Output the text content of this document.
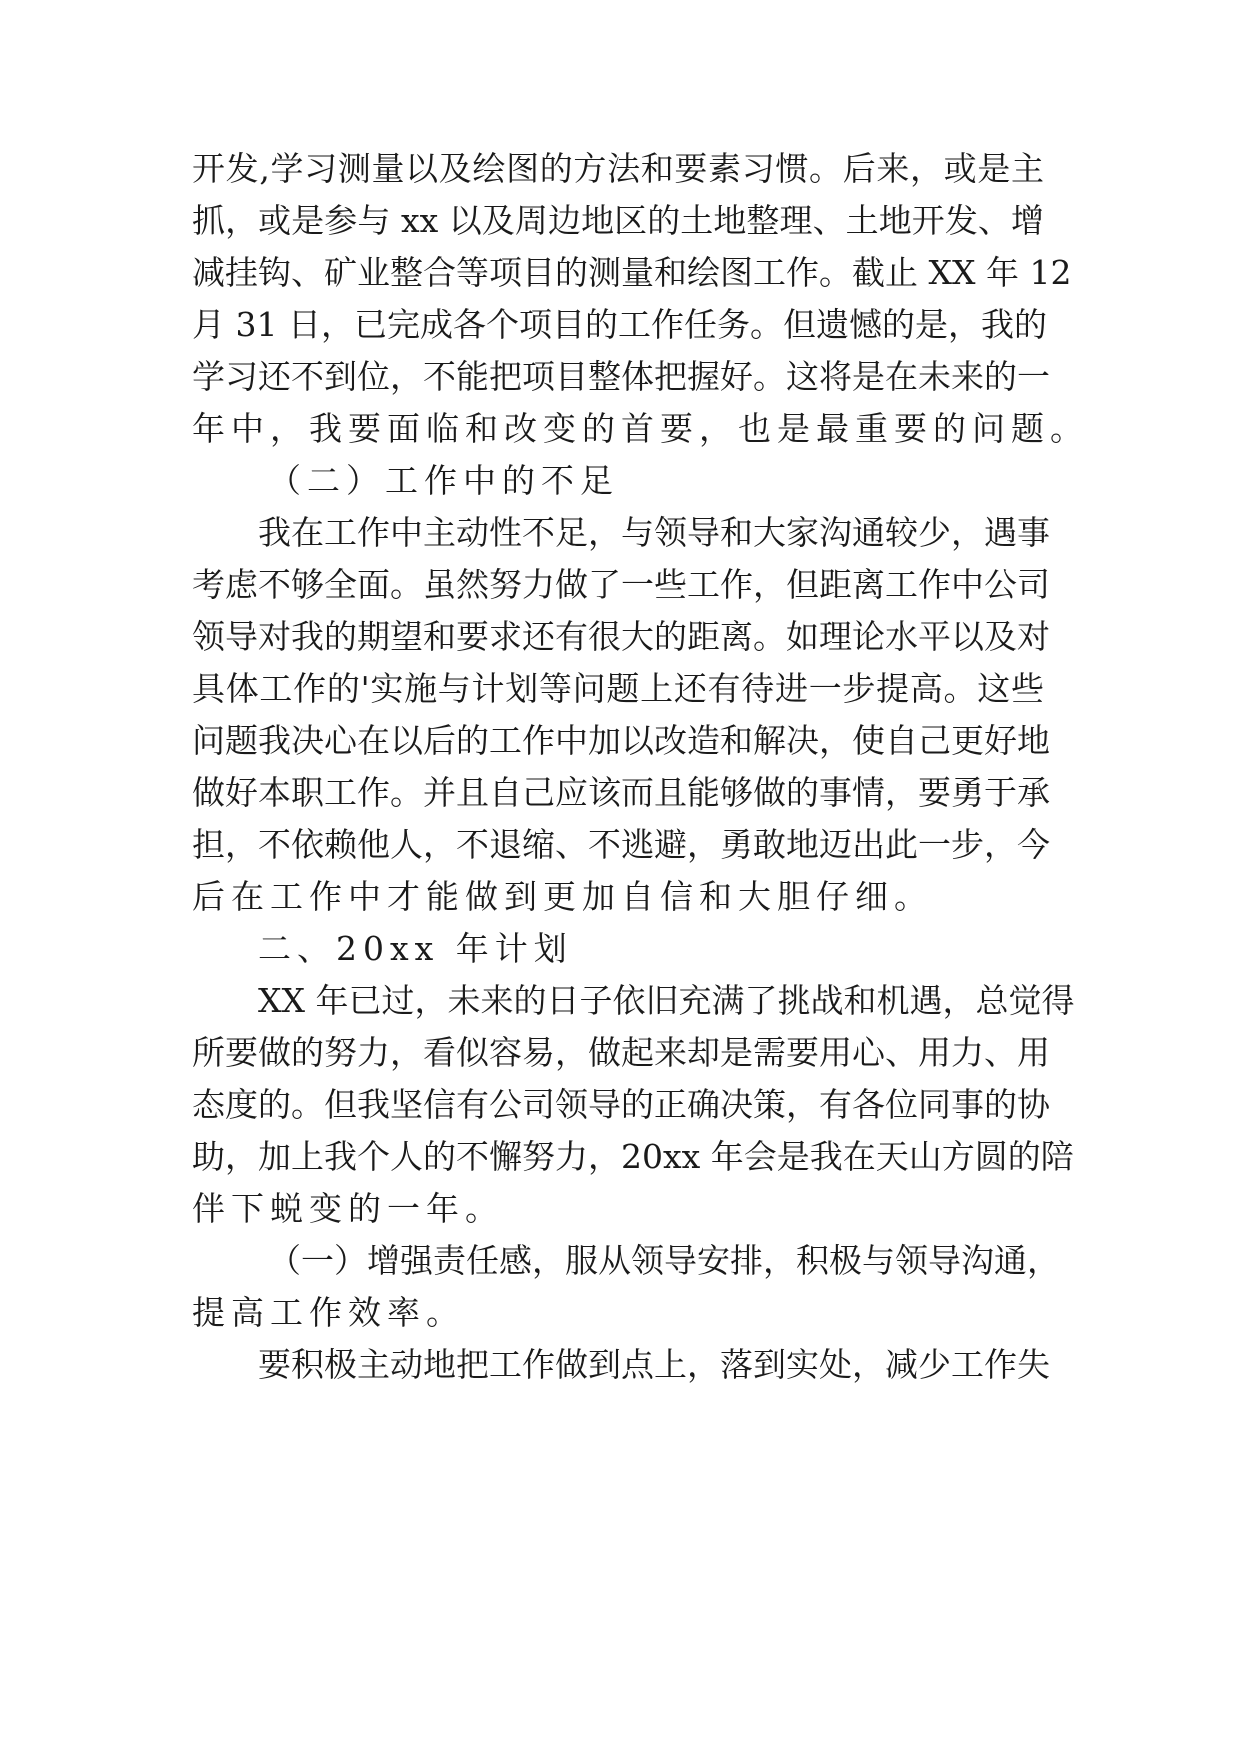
开发,学习测量以及绘图的方法和要素习惯。后来，或是主
抓，或是参与 xx 以及周边地区的土地整理、土地开发、增
减挂钩、矿业整合等项目的测量和绘图工作。截止 XX 年 12
月 31 日，已完成各个项目的工作任务。但遗憾的是，我的
学习还不到位，不能把项目整体把握好。这将是在未来的一
年中，我要面临和改变的首要，也是最重要的问题。
（二）工作中的不足
我在工作中主动性不足，与领导和大家沟通较少，遇事
考虑不够全面。虽然努力做了一些工作，但距离工作中公司
领导对我的期望和要求还有很大的距离。如理论水平以及对
具体工作的'实施与计划等问题上还有待进一步提高。这些
问题我决心在以后的工作中加以改造和解决，使自己更好地
做好本职工作。并且自己应该而且能够做的事情，要勇于承
担，不依赖他人，不退缩、不逃避，勇敢地迈出此一步，今
后在工作中才能做到更加自信和大胆仔细。
二、20xx 年计划
XX 年已过，未来的日子依旧充满了挑战和机遇，总觉得
所要做的努力，看似容易，做起来却是需要用心、用力、用
态度的。但我坚信有公司领导的正确决策，有各位同事的协
助，加上我个人的不懈努力，20xx 年会是我在天山方圆的陪
伴下蜕变的一年。
（一）增强责任感，服从领导安排，积极与领导沟通，
提高工作效率。
要积极主动地把工作做到点上，落到实处，减少工作失
